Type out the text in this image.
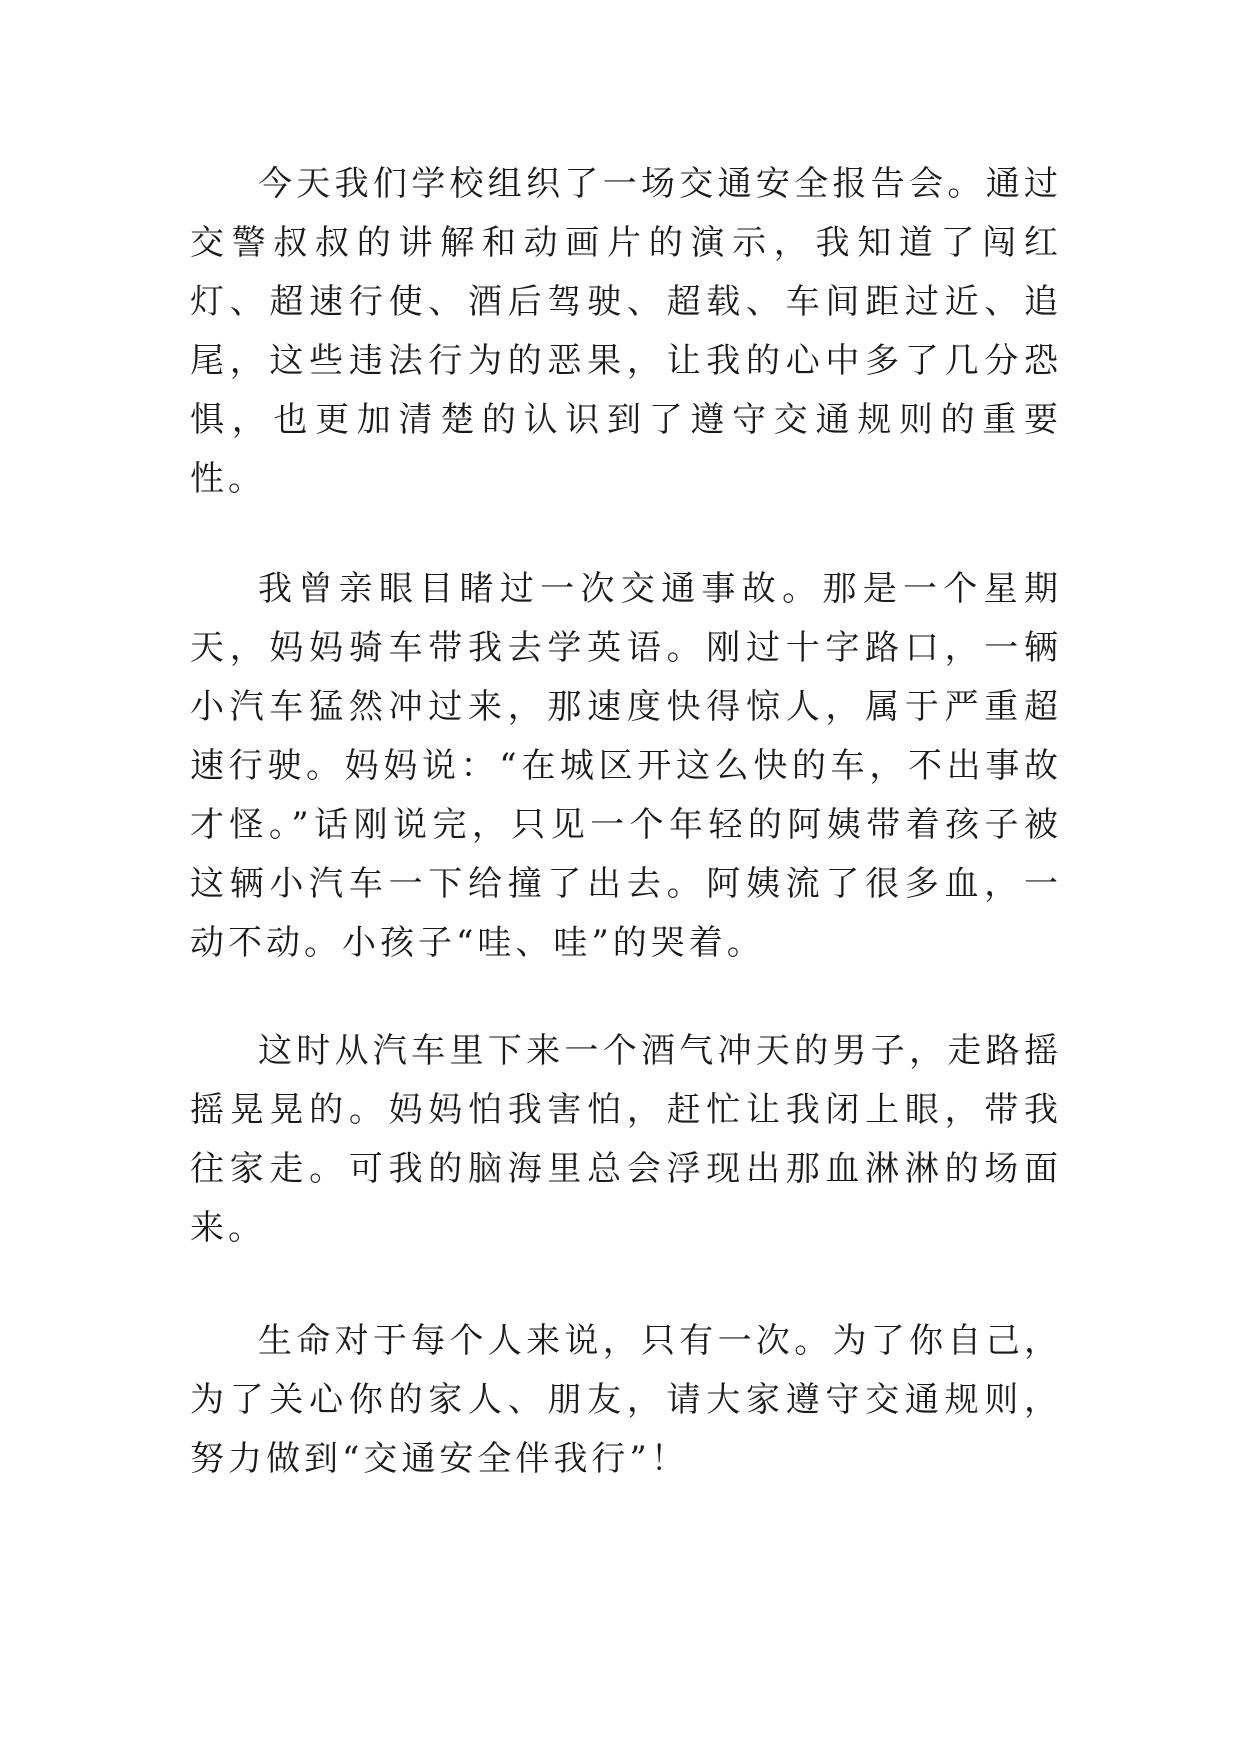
今天我们学校组织了一场交通安全报告会。通过交警叔叔的讲解和动画片的演示，我知道了闯红灯、超速行使、酒后驾驶、超载、车间距过近、追尾，这些违法行为的恶果，让我的心中多了几分恐惧，也更加清楚的认识到了遵守交通规则的重要性。

我曾亲眼目睹过一次交通事故。那是一个星期天，妈妈骑车带我去学英语。刚过十字路口，一辆小汽车猛然冲过来，那速度快得惊人，属于严重超速行驶。妈妈说：“在城区开这么快的车，不出事故才怪。”话刚说完，只见一个年轻的阿姨带着孩子被这辆小汽车一下给撞了出去。阿姨流了很多血，一动不动。小孩子“哇、哇”的哭着。

这时从汽车里下来一个酒气冲天的男子，走路摇摇晃晃的。妈妈怕我害怕，赶忙让我闭上眼，带我往家走。可我的脑海里总会浮现出那血淋淋的场面来。

生命对于每个人来说，只有一次。为了你自己，为了关心你的家人、朋友，请大家遵守交通规则，努力做到“交通安全伴我行”！
